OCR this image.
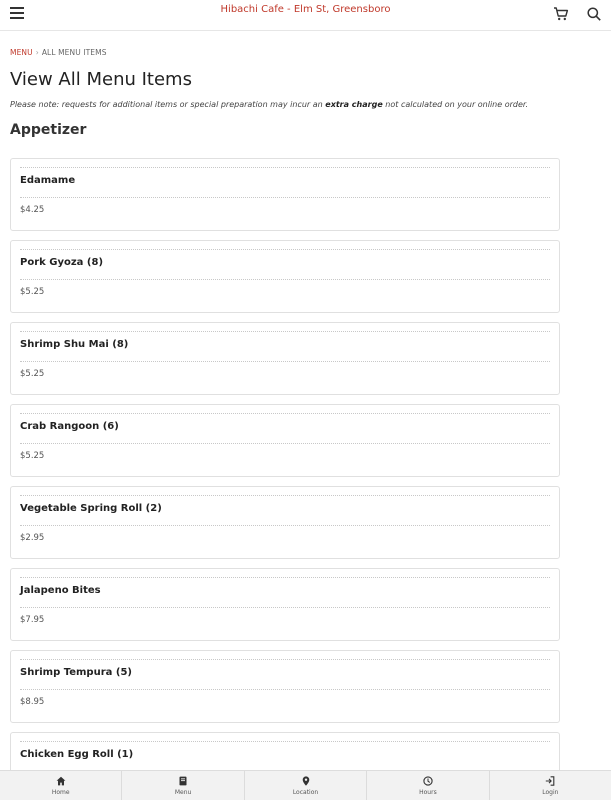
Hibachi Cafe - Elm St, Greensboro
MENU › ALL MENU ITEMS
View All Menu Items

Please note: requests for additional items or special preparation may incur an extra charge not calculated on your online order.

Appetizer
Edamame
$4.25
Pork Gyoza (8)
$5.25
Shrimp Shu Mai (8)
$5.25
Crab Rangoon (6)
$5.25
Vegetable Spring Roll (2)
$2.95
Jalapeno Bites
$7.95
Shrimp Tempura (5)
$8.95
Chicken Egg Roll (1)
Home	Menu	Location	Hours	Login
